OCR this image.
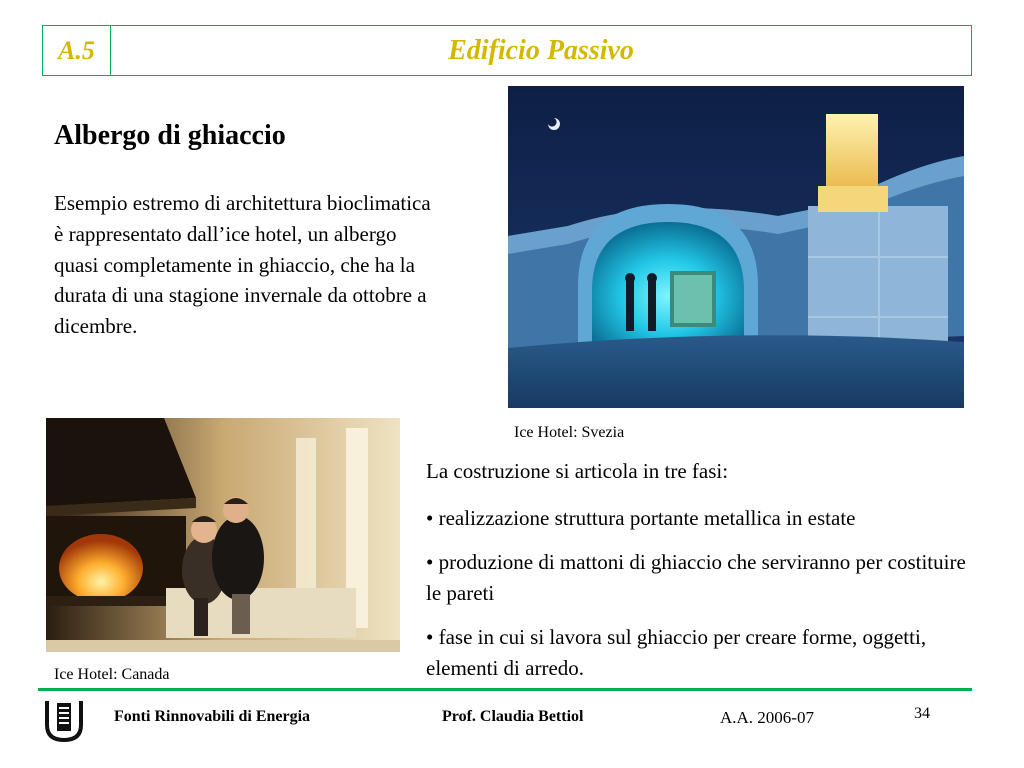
A.5	Edificio Passivo
Albergo di ghiaccio
Esempio estremo di architettura bioclimatica è rappresentato dall’ice hotel, un albergo quasi completamente in ghiaccio, che ha la durata di una stagione invernale da ottobre a dicembre.
Ice Hotel: Svezia
Ice Hotel: Canada

La costruzione si articola in tre fasi:

• realizzazione struttura portante metallica in estate

• produzione di mattoni di ghiaccio che serviranno per costituire le pareti

• fase in cui si lavora sul ghiaccio per creare forme, oggetti, elementi di arredo.

Fonti Rinnovabili di Energia	Prof. Claudia Bettiol	A.A. 2006-07	34
